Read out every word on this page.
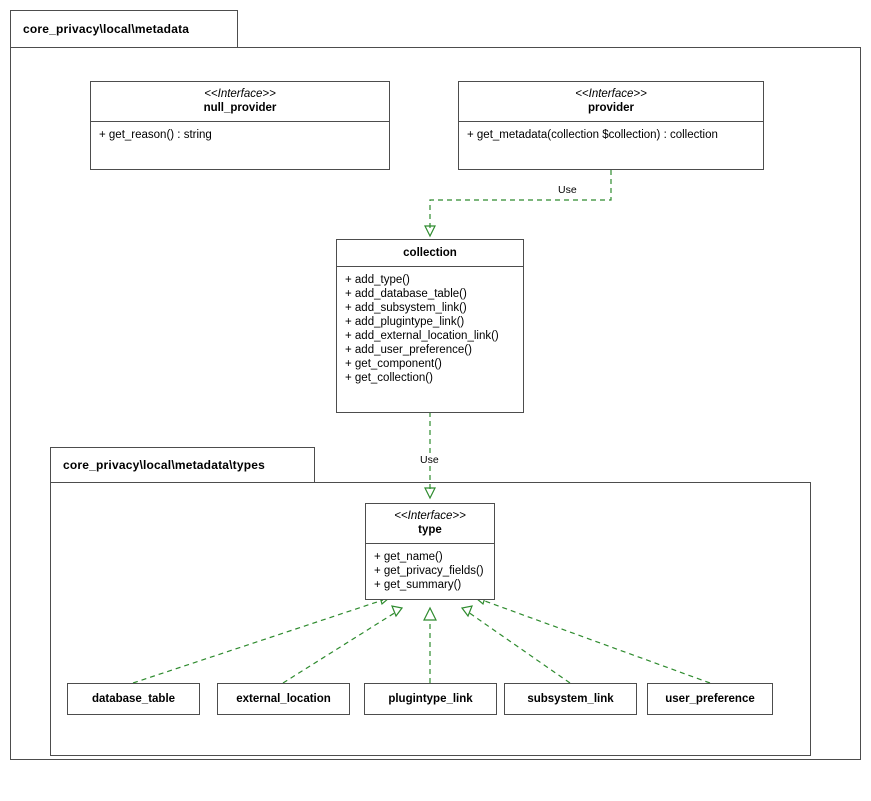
core_privacy\local\metadata
core_privacy\local\metadata\types
Use
Use
<<Interface>>
null_provider
+ get_reason() : string
<<Interface>>
provider
+ get_metadata(collection $collection) : collection
collection
+ add_type()
+ add_database_table()
+ add_subsystem_link()
+ add_plugintype_link()
+ add_external_location_link()
+ add_user_preference()
+ get_component()
+ get_collection()
<<Interface>>
type
+ get_name()
+ get_privacy_fields()
+ get_summary()
database_table	external_location	plugintype_link	subsystem_link	user_preference
